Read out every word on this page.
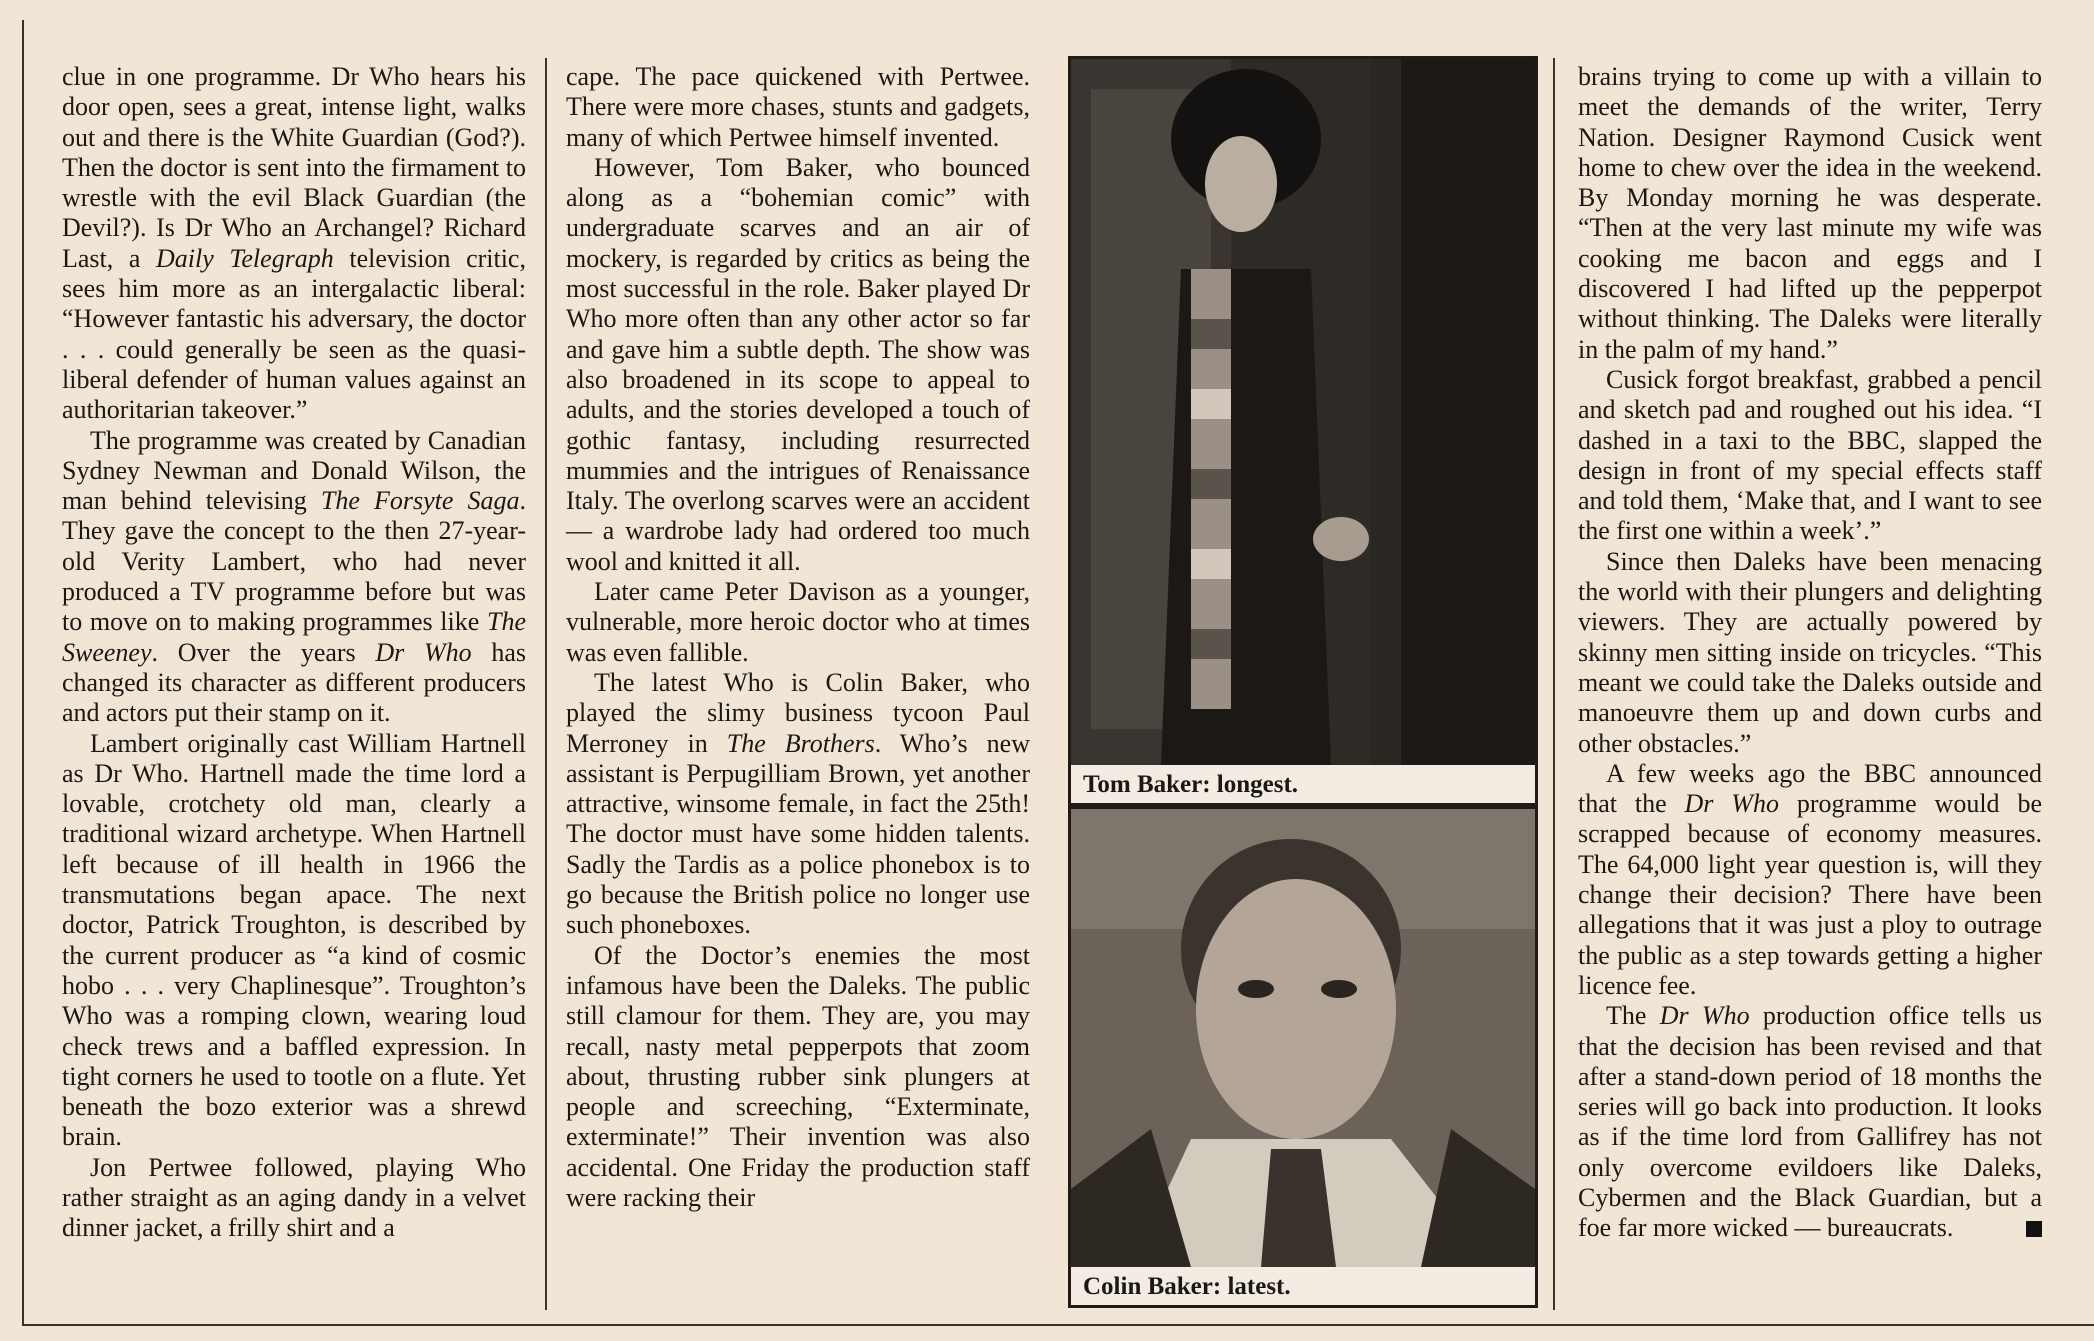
clue in one programme. Dr Who hears his door open, sees a great, intense light, walks out and there is the White Guardian (God?). Then the doctor is sent into the firmament to wrestle with the evil Black Guardian (the Devil?). Is Dr Who an Archangel? Richard Last, a Daily Telegraph television critic, sees him more as an intergalactic liberal: “However fantastic his adversary, the doctor . . . could generally be seen as the quasi-liberal defender of human values against an authoritarian takeover.”

The programme was created by Canadian Sydney Newman and Donald Wilson, the man behind televising The Forsyte Saga. They gave the concept to the then 27-year-old Verity Lambert, who had never produced a TV programme before but was to move on to making programmes like The Sweeney. Over the years Dr Who has changed its character as different producers and actors put their stamp on it.

Lambert originally cast William Hartnell as Dr Who. Hartnell made the time lord a lovable, crotchety old man, clearly a traditional wizard archetype. When Hartnell left because of ill health in 1966 the transmutations began apace. The next doctor, Patrick Troughton, is described by the current producer as “a kind of cosmic hobo . . . very Chaplinesque”. Troughton’s Who was a romping clown, wearing loud check trews and a baffled expression. In tight corners he used to tootle on a flute. Yet beneath the bozo exterior was a shrewd brain.

Jon Pertwee followed, playing Who rather straight as an aging dandy in a velvet dinner jacket, a frilly shirt and a

cape. The pace quickened with Pertwee. There were more chases, stunts and gadgets, many of which Pertwee himself invented.

However, Tom Baker, who bounced along as a “bohemian comic” with undergraduate scarves and an air of mockery, is regarded by critics as being the most successful in the role. Baker played Dr Who more often than any other actor so far and gave him a subtle depth. The show was also broadened in its scope to appeal to adults, and the stories developed a touch of gothic fantasy, including resurrected mummies and the intrigues of Renaissance Italy. The overlong scarves were an accident — a wardrobe lady had ordered too much wool and knitted it all.

Later came Peter Davison as a younger, vulnerable, more heroic doctor who at times was even fallible.

The latest Who is Colin Baker, who played the slimy business tycoon Paul Merroney in The Brothers. Who’s new assistant is Perpugilliam Brown, yet another attractive, winsome female, in fact the 25th! The doctor must have some hidden talents. Sadly the Tardis as a police phonebox is to go because the British police no longer use such phoneboxes.

Of the Doctor’s enemies the most infamous have been the Daleks. The public still clamour for them. They are, you may recall, nasty metal pepperpots that zoom about, thrusting rubber sink plungers at people and screeching, “Exterminate, exterminate!” Their invention was also accidental. One Friday the production staff were racking their

Tom Baker: longest.
Colin Baker: latest.

brains trying to come up with a villain to meet the demands of the writer, Terry Nation. Designer Raymond Cusick went home to chew over the idea in the weekend. By Monday morning he was desperate. “Then at the very last minute my wife was cooking me bacon and eggs and I discovered I had lifted up the pepperpot without thinking. The Daleks were literally in the palm of my hand.”

Cusick forgot breakfast, grabbed a pencil and sketch pad and roughed out his idea. “I dashed in a taxi to the BBC, slapped the design in front of my special effects staff and told them, ‘Make that, and I want to see the first one within a week’.”

Since then Daleks have been menacing the world with their plungers and delighting viewers. They are actually powered by skinny men sitting inside on tricycles. “This meant we could take the Daleks outside and manoeuvre them up and down curbs and other obstacles.”

A few weeks ago the BBC announced that the Dr Who programme would be scrapped because of economy measures. The 64,000 light year question is, will they change their decision? There have been allegations that it was just a ploy to outrage the public as a step towards getting a higher licence fee.

The Dr Who production office tells us that the decision has been revised and that after a stand-down period of 18 months the series will go back into production. It looks as if the time lord from Gallifrey has not only overcome evildoers like Daleks, Cybermen and the Black Guardian, but a foe far more wicked — bureaucrats.
